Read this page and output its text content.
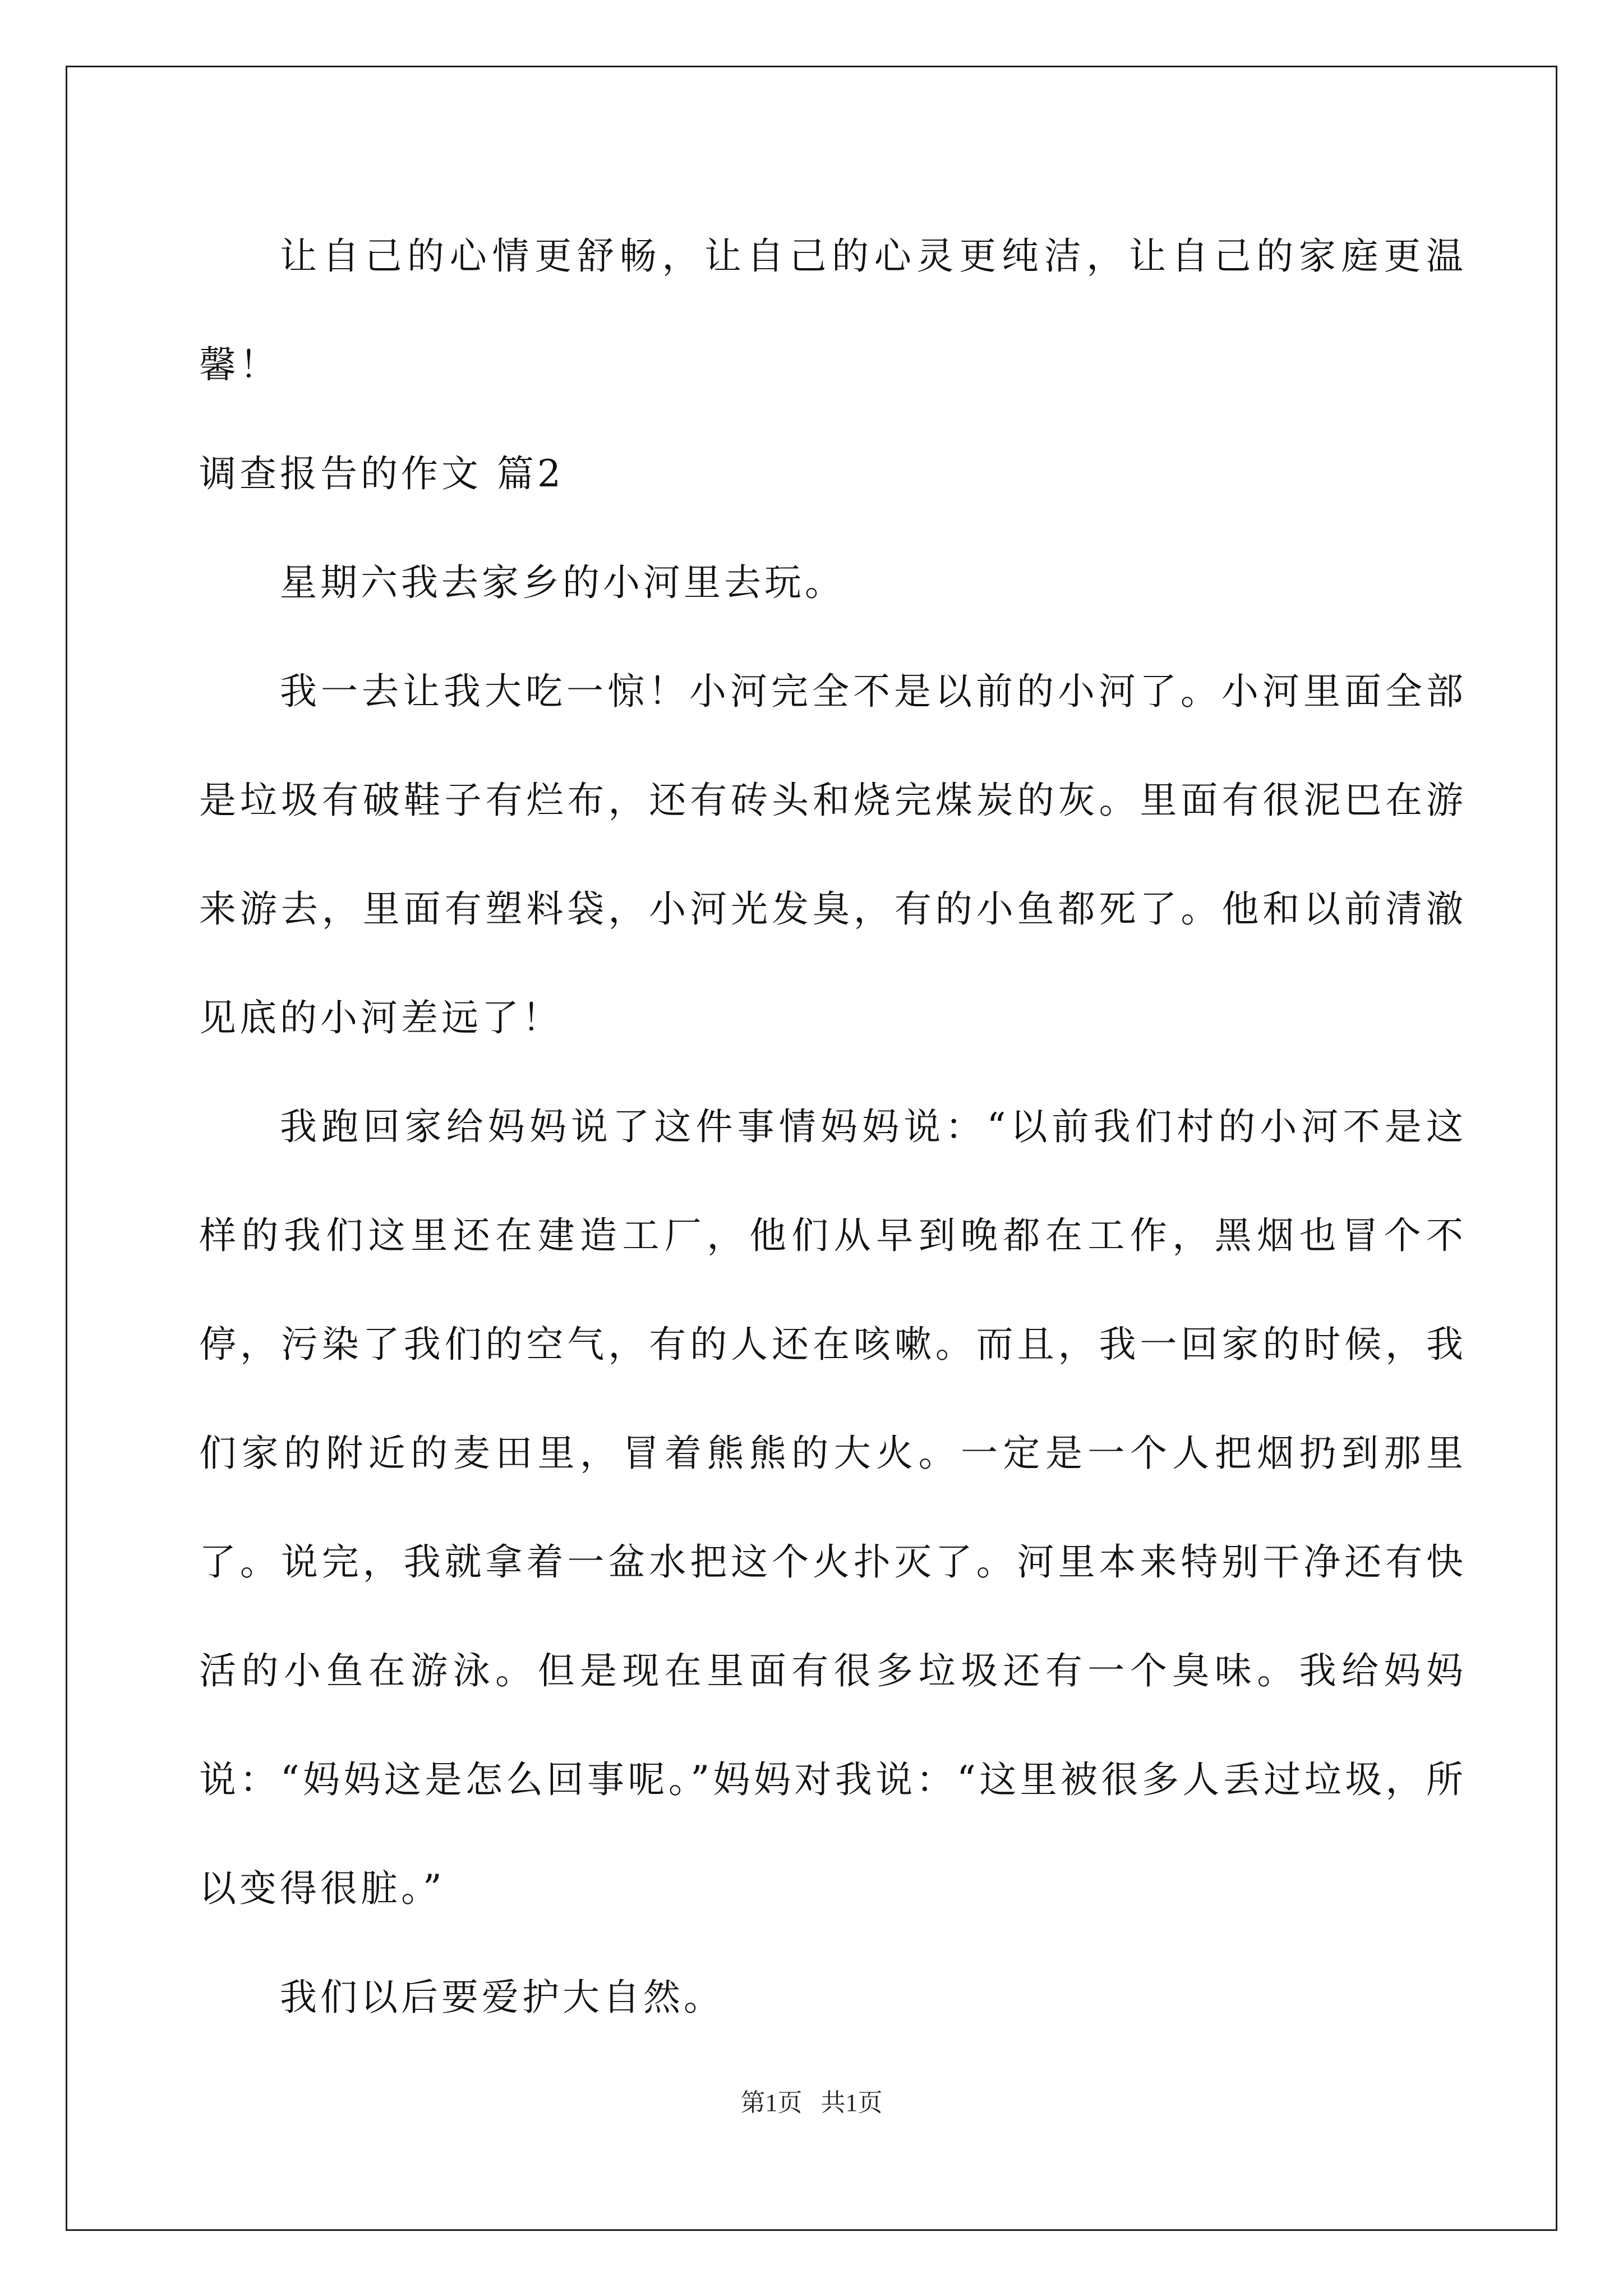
让自己的心情更舒畅，让自己的心灵更纯洁，让自己的家庭更温馨！

调查报告的作文 篇2

星期六我去家乡的小河里去玩。

我一去让我大吃一惊！小河完全不是以前的小河了。小河里面全部是垃圾有破鞋子有烂布，还有砖头和烧完煤炭的灰。里面有很泥巴在游来游去，里面有塑料袋，小河光发臭，有的小鱼都死了。他和以前清澈见底的小河差远了！

我跑回家给妈妈说了这件事情妈妈说：“以前我们村的小河不是这样的我们这里还在建造工厂，他们从早到晚都在工作，黑烟也冒个不停，污染了我们的空气，有的人还在咳嗽。而且，我一回家的时候，我们家的附近的麦田里，冒着熊熊的大火。一定是一个人把烟扔到那里了。说完，我就拿着一盆水把这个火扑灭了。河里本来特别干净还有快活的小鱼在游泳。但是现在里面有很多垃圾还有一个臭味。我给妈妈说：“妈妈这是怎么回事呢。”妈妈对我说：“这里被很多人丢过垃圾，所以变得很脏。”

我们以后要爱护大自然。

第1页 共1页
